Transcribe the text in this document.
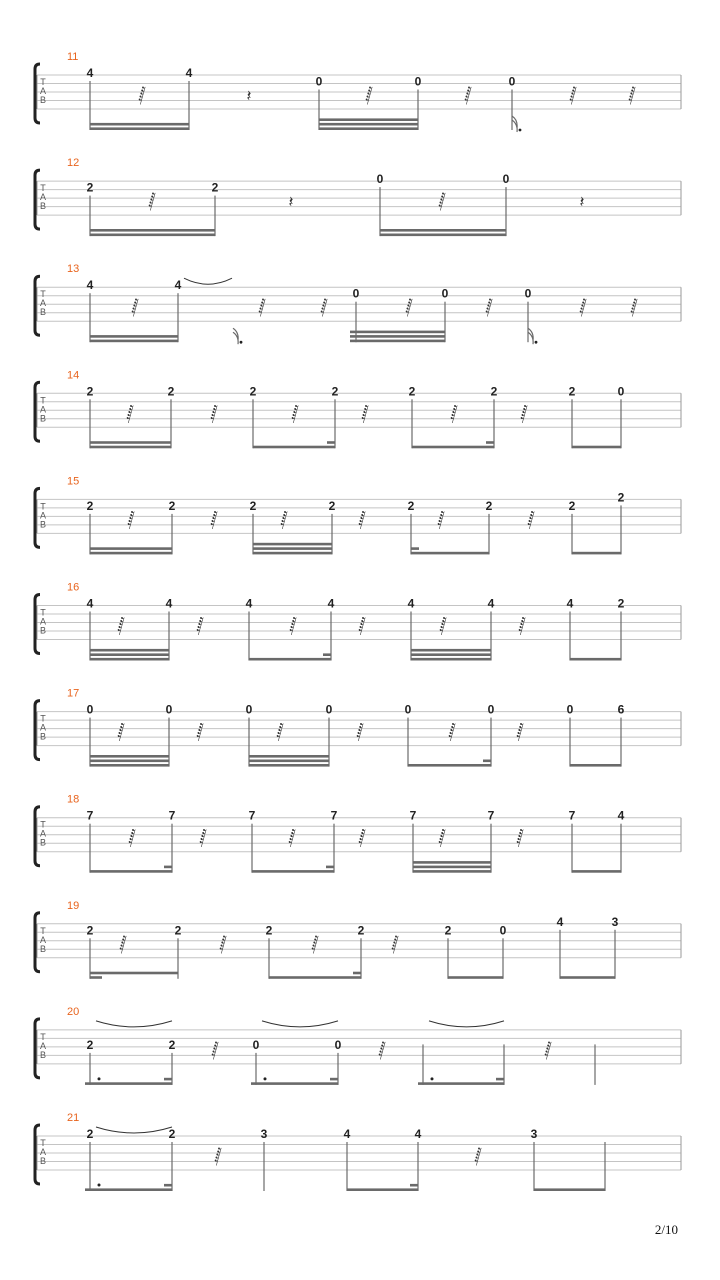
T
A
B
11
4	4
0	0	0
𝅂	𝄽	𝅂	𝅂	𝅂	𝅂
T
A
B
12
2	2
0	0
𝅂	𝄽	𝅂	𝄽
T
A
B
13
4	4
0	0	0
𝅂	𝅂	𝅂	𝅂	𝅂	𝅂	𝅂
T
A
B
14
2	2	2	2	2	2	2	0
𝅂	𝅂	𝅂	𝅂	𝅂	𝅂
T
A
B
15
2	2	2	2	2	2	2
2
𝅂	𝅂	𝅂	𝅂	𝅂	𝅂
T
A
B
16
4	4	4	4	4	4	4	2
𝅂	𝅂	𝅂	𝅂	𝅂	𝅂
T
A
B
17
0	0	0	0	0	0	0	6
𝅂	𝅂	𝅂	𝅂	𝅂	𝅂
T
A
B
18
7	7	7	7	7	7	7	4
𝅂	𝅂	𝅂	𝅂	𝅂	𝅂
T
A
B
19
2	2	2	2	2	0
4	3
𝅂	𝅂	𝅂	𝅂
T
A
B
20
2	2	0	0
𝅂	𝅂	𝅂
T
A
B
21
2	2	3	4	4	3
𝅂	𝅂
2/10
